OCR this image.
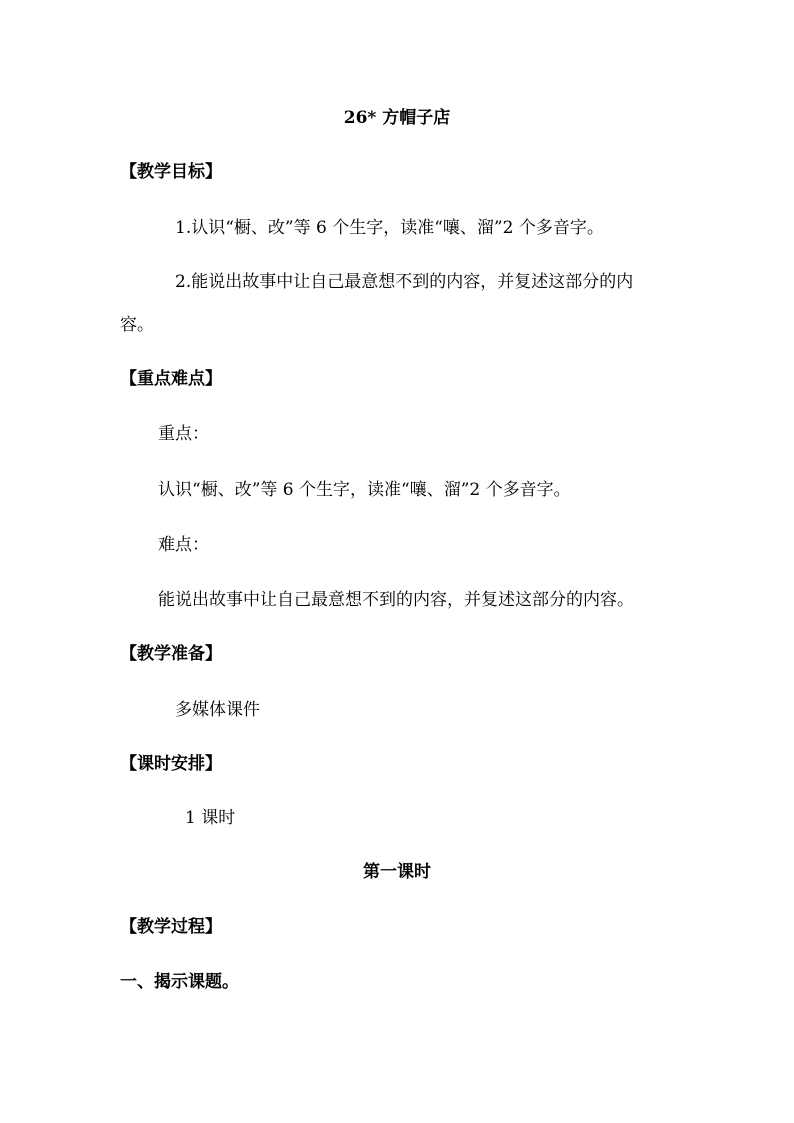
26* 方帽子店
【教学目标】
1.认识“橱、改”等 6 个生字，读准“嚷、溜”2 个多音字。
2.能说出故事中让自己最意想不到的内容，并复述这部分的内
容。
【重点难点】
重点：
认识“橱、改”等 6 个生字，读准“嚷、溜”2 个多音字。
难点：
能说出故事中让自己最意想不到的内容，并复述这部分的内容。
【教学准备】
多媒体课件
【课时安排】
1 课时
第一课时
【教学过程】
一、揭示课题。
